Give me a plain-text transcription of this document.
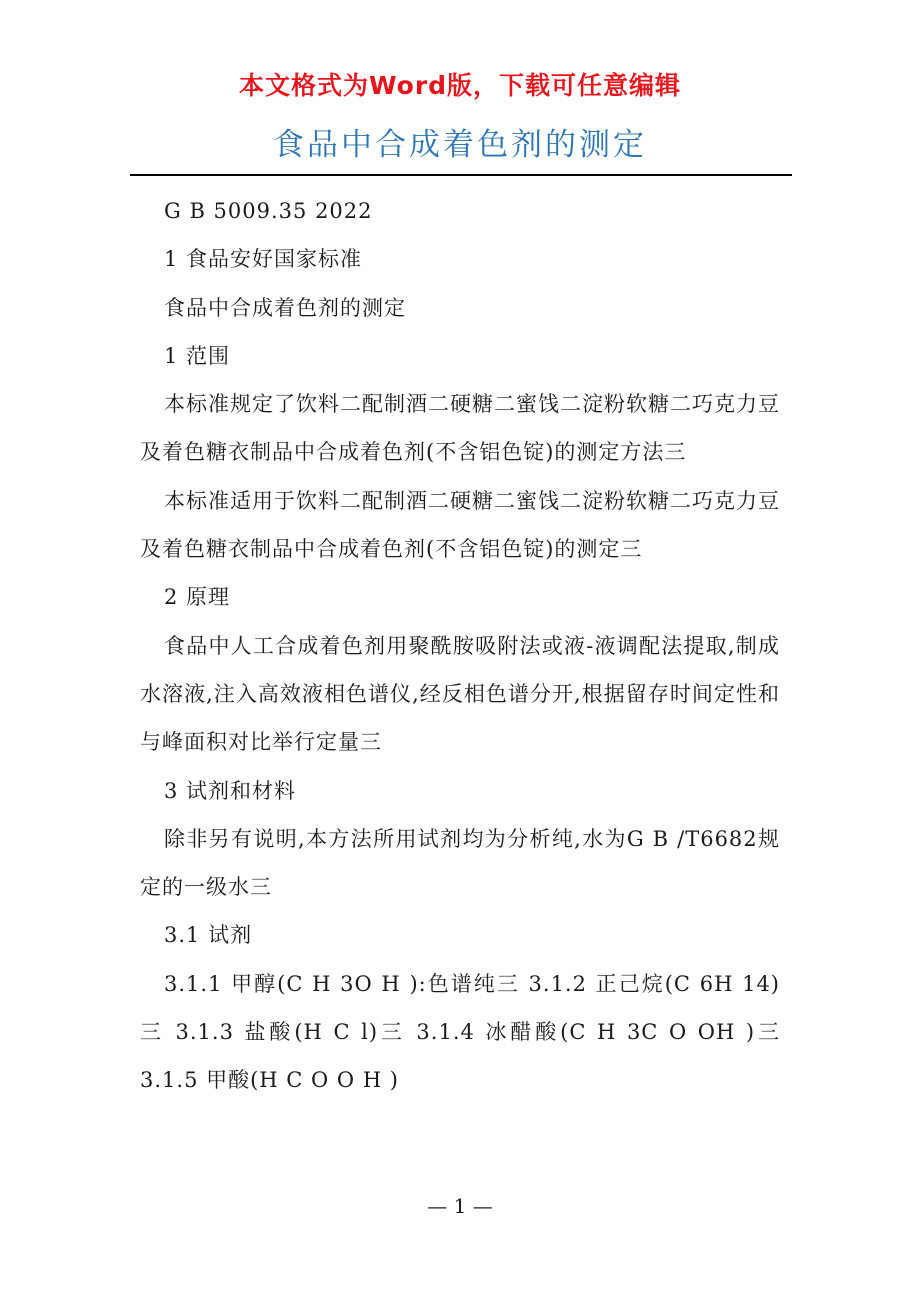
本文格式为Word版，下载可任意编辑
食品中合成着色剂的测定

G B 5009.35 2022

1 食品安好国家标准

食品中合成着色剂的测定

1 范围

本标准规定了饮料二配制酒二硬糖二蜜饯二淀粉软糖二巧克力豆及着色糖衣制品中合成着色剂(不含铝色锭)的测定方法三

本标准适用于饮料二配制酒二硬糖二蜜饯二淀粉软糖二巧克力豆及着色糖衣制品中合成着色剂(不含铝色锭)的测定三

2 原理

食品中人工合成着色剂用聚酰胺吸附法或液-液调配法提取,制成水溶液,注入高效液相色谱仪,经反相色谱分开,根据留存时间定性和与峰面积对比举行定量三

3 试剂和材料

除非另有说明,本方法所用试剂均为分析纯,水为G B /T6682规定的一级水三

3.1 试剂

3.1.1 甲醇(C H 3O H ):色谱纯三 3.1.2 正己烷(C 6H 14)三 3.1.3 盐酸(H C l)三 3.1.4 冰醋酸(C H 3C O OH )三 3.1.5 甲酸(H C O O H )

— 1 —
